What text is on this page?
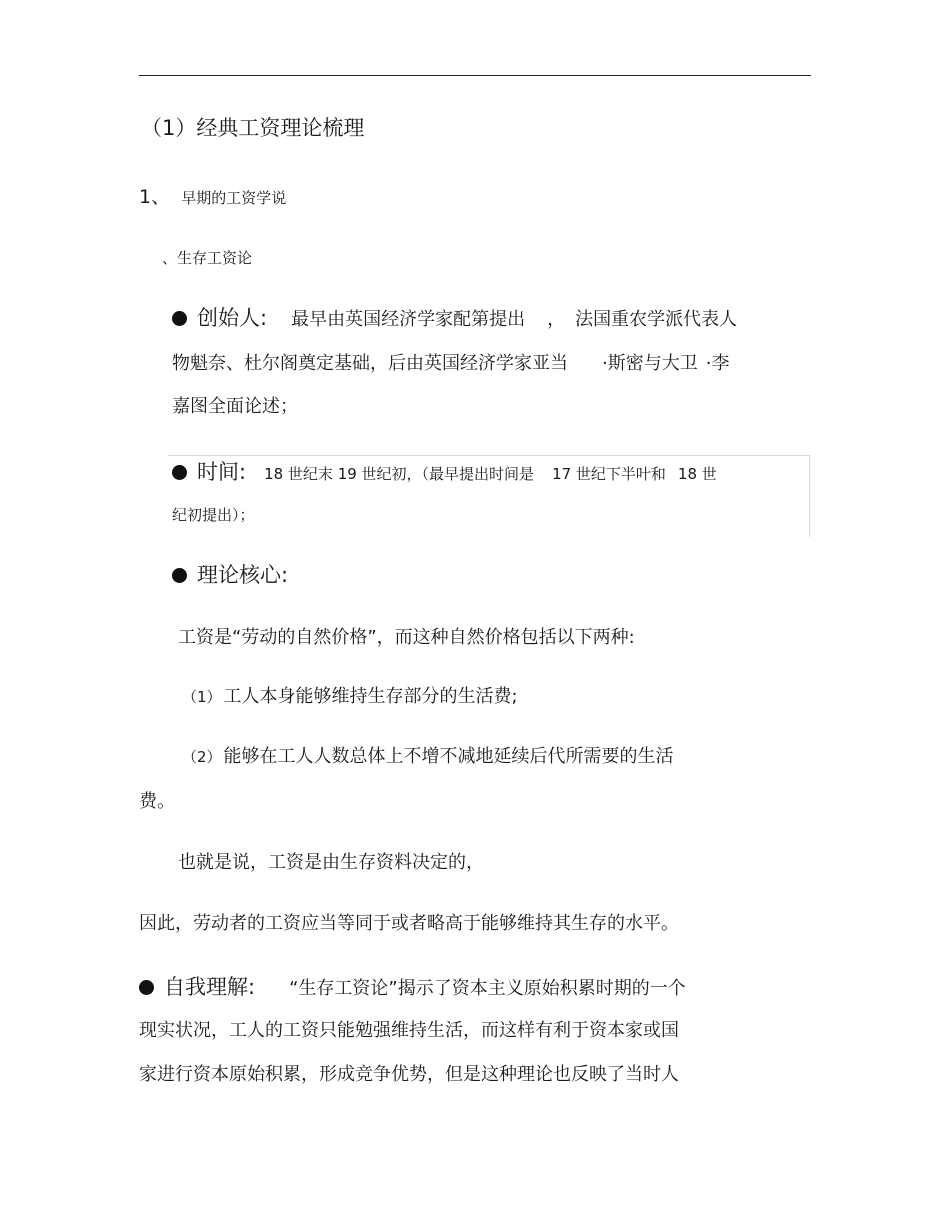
（1）经典工资理论梳理
1、 早期的工资学说
、生存工资论
创始人: 最早由英国经济学家配第提出 ， 法国重农学派代表人
物魁奈、杜尔阁奠定基础，后由英国经济学家亚当 ·斯密与大卫 ·李
嘉图全面论述；
时间: 18 世纪末 19 世纪初，（最早提出时间是 17 世纪下半叶和 18 世
纪初提出）；
理论核心:
工资是“劳动的自然价格”，而这种自然价格包括以下两种:
（1） 工人本身能够维持生存部分的生活费;
（2） 能够在工人人数总体上不增不减地延续后代所需要的生活
费。
也就是说，工资是由生存资料决定的，
因此，劳动者的工资应当等同于或者略高于能够维持其生存的水平。
自我理解: “生存工资论”揭示了资本主义原始积累时期的一个
现实状况，工人的工资只能勉强维持生活，而这样有利于资本家或国
家进行资本原始积累，形成竞争优势，但是这种理论也反映了当时人
